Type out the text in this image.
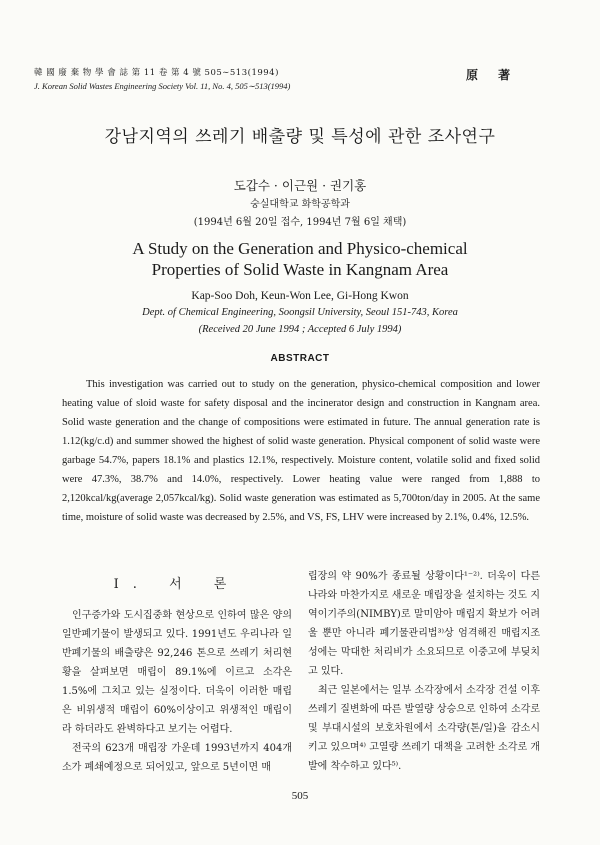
韓 國 廢 棄 物 學 會 誌 第 11 卷 第 4 號 505∼513(1994)
J. Korean Solid Wastes Engineering Society Vol. 11, No. 4, 505∼513(1994)
原 著
강남지역의 쓰레기 배출량 및 특성에 관한 조사연구
도갑수 · 이근원 · 권기홍
숭실대학교 화학공학과
(1994년 6월 20일 접수, 1994년 7월 6일 채택)
A Study on the Generation and Physico-chemical
Properties of Solid Waste in Kangnam Area
Kap-Soo Doh, Keun-Won Lee, Gi-Hong Kwon
Dept. of Chemical Engineering, Soongsil University, Seoul 151-743, Korea
(Received 20 June 1994 ; Accepted 6 July 1994)
ABSTRACT

This investigation was carried out to study on the generation, physico-chemical composition and lower heating value of sloid waste for safety disposal and the incinerator design and construction in Kangnam area. Solid waste generation and the change of compositions were estimated in future. The annual generation rate is 1.12(kg/c.d) and summer showed the highest of solid waste generation. Physical component of solid waste were garbage 54.7%, papers 18.1% and plastics 12.1%, respectively. Moisture content, volatile solid and fixed solid were 47.3%, 38.7% and 14.0%, respectively. Lower heating value were ranged from 1,888 to 2,120kcal/kg(average 2,057kcal/kg). Solid waste generation was estimated as 5,700ton/day in 2005. At the same time, moisture of solid waste was decreased by 2.5%, and VS, FS, LHV were increased by 2.1%, 0.4%, 12.5%.

Ⅰ. 서 론

인구증가와 도시집중화 현상으로 인하여 많은 양의 일반폐기물이 발생되고 있다. 1991년도 우리나라 일반폐기물의 배출량은 92,246 톤으로 쓰레기 처리현황을 살펴보면 매립이 89.1%에 이르고 소각은 1.5%에 그치고 있는 실정이다. 더욱이 이러한 매립은 비위생적 매립이 60%이상이고 위생적인 매립이라 하더라도 완벽하다고 보기는 어렵다.

전국의 623개 매립장 가운데 1993년까지 404개소가 폐쇄예정으로 되어있고, 앞으로 5년이면 매

립장의 약 90%가 종료될 상황이다¹⁻²⁾. 더욱이 다른 나라와 마찬가지로 새로운 매립장을 설치하는 것도 지역이기주의(NIMBY)로 말미암아 매립지 확보가 어려울 뿐만 아니라 폐기물관리법³⁾상 엄격해진 매립지조성에는 막대한 처리비가 소요되므로 이중고에 부딪치고 있다.

최근 일본에서는 일부 소각장에서 소각장 건설 이후 쓰레기 질변화에 따른 발열량 상승으로 인하여 소각로 및 부대시설의 보호차원에서 소각량(톤/일)을 감소시키고 있으며⁴⁾ 고열량 쓰레기 대책을 고려한 소각로 개발에 착수하고 있다⁵⁾.

505
